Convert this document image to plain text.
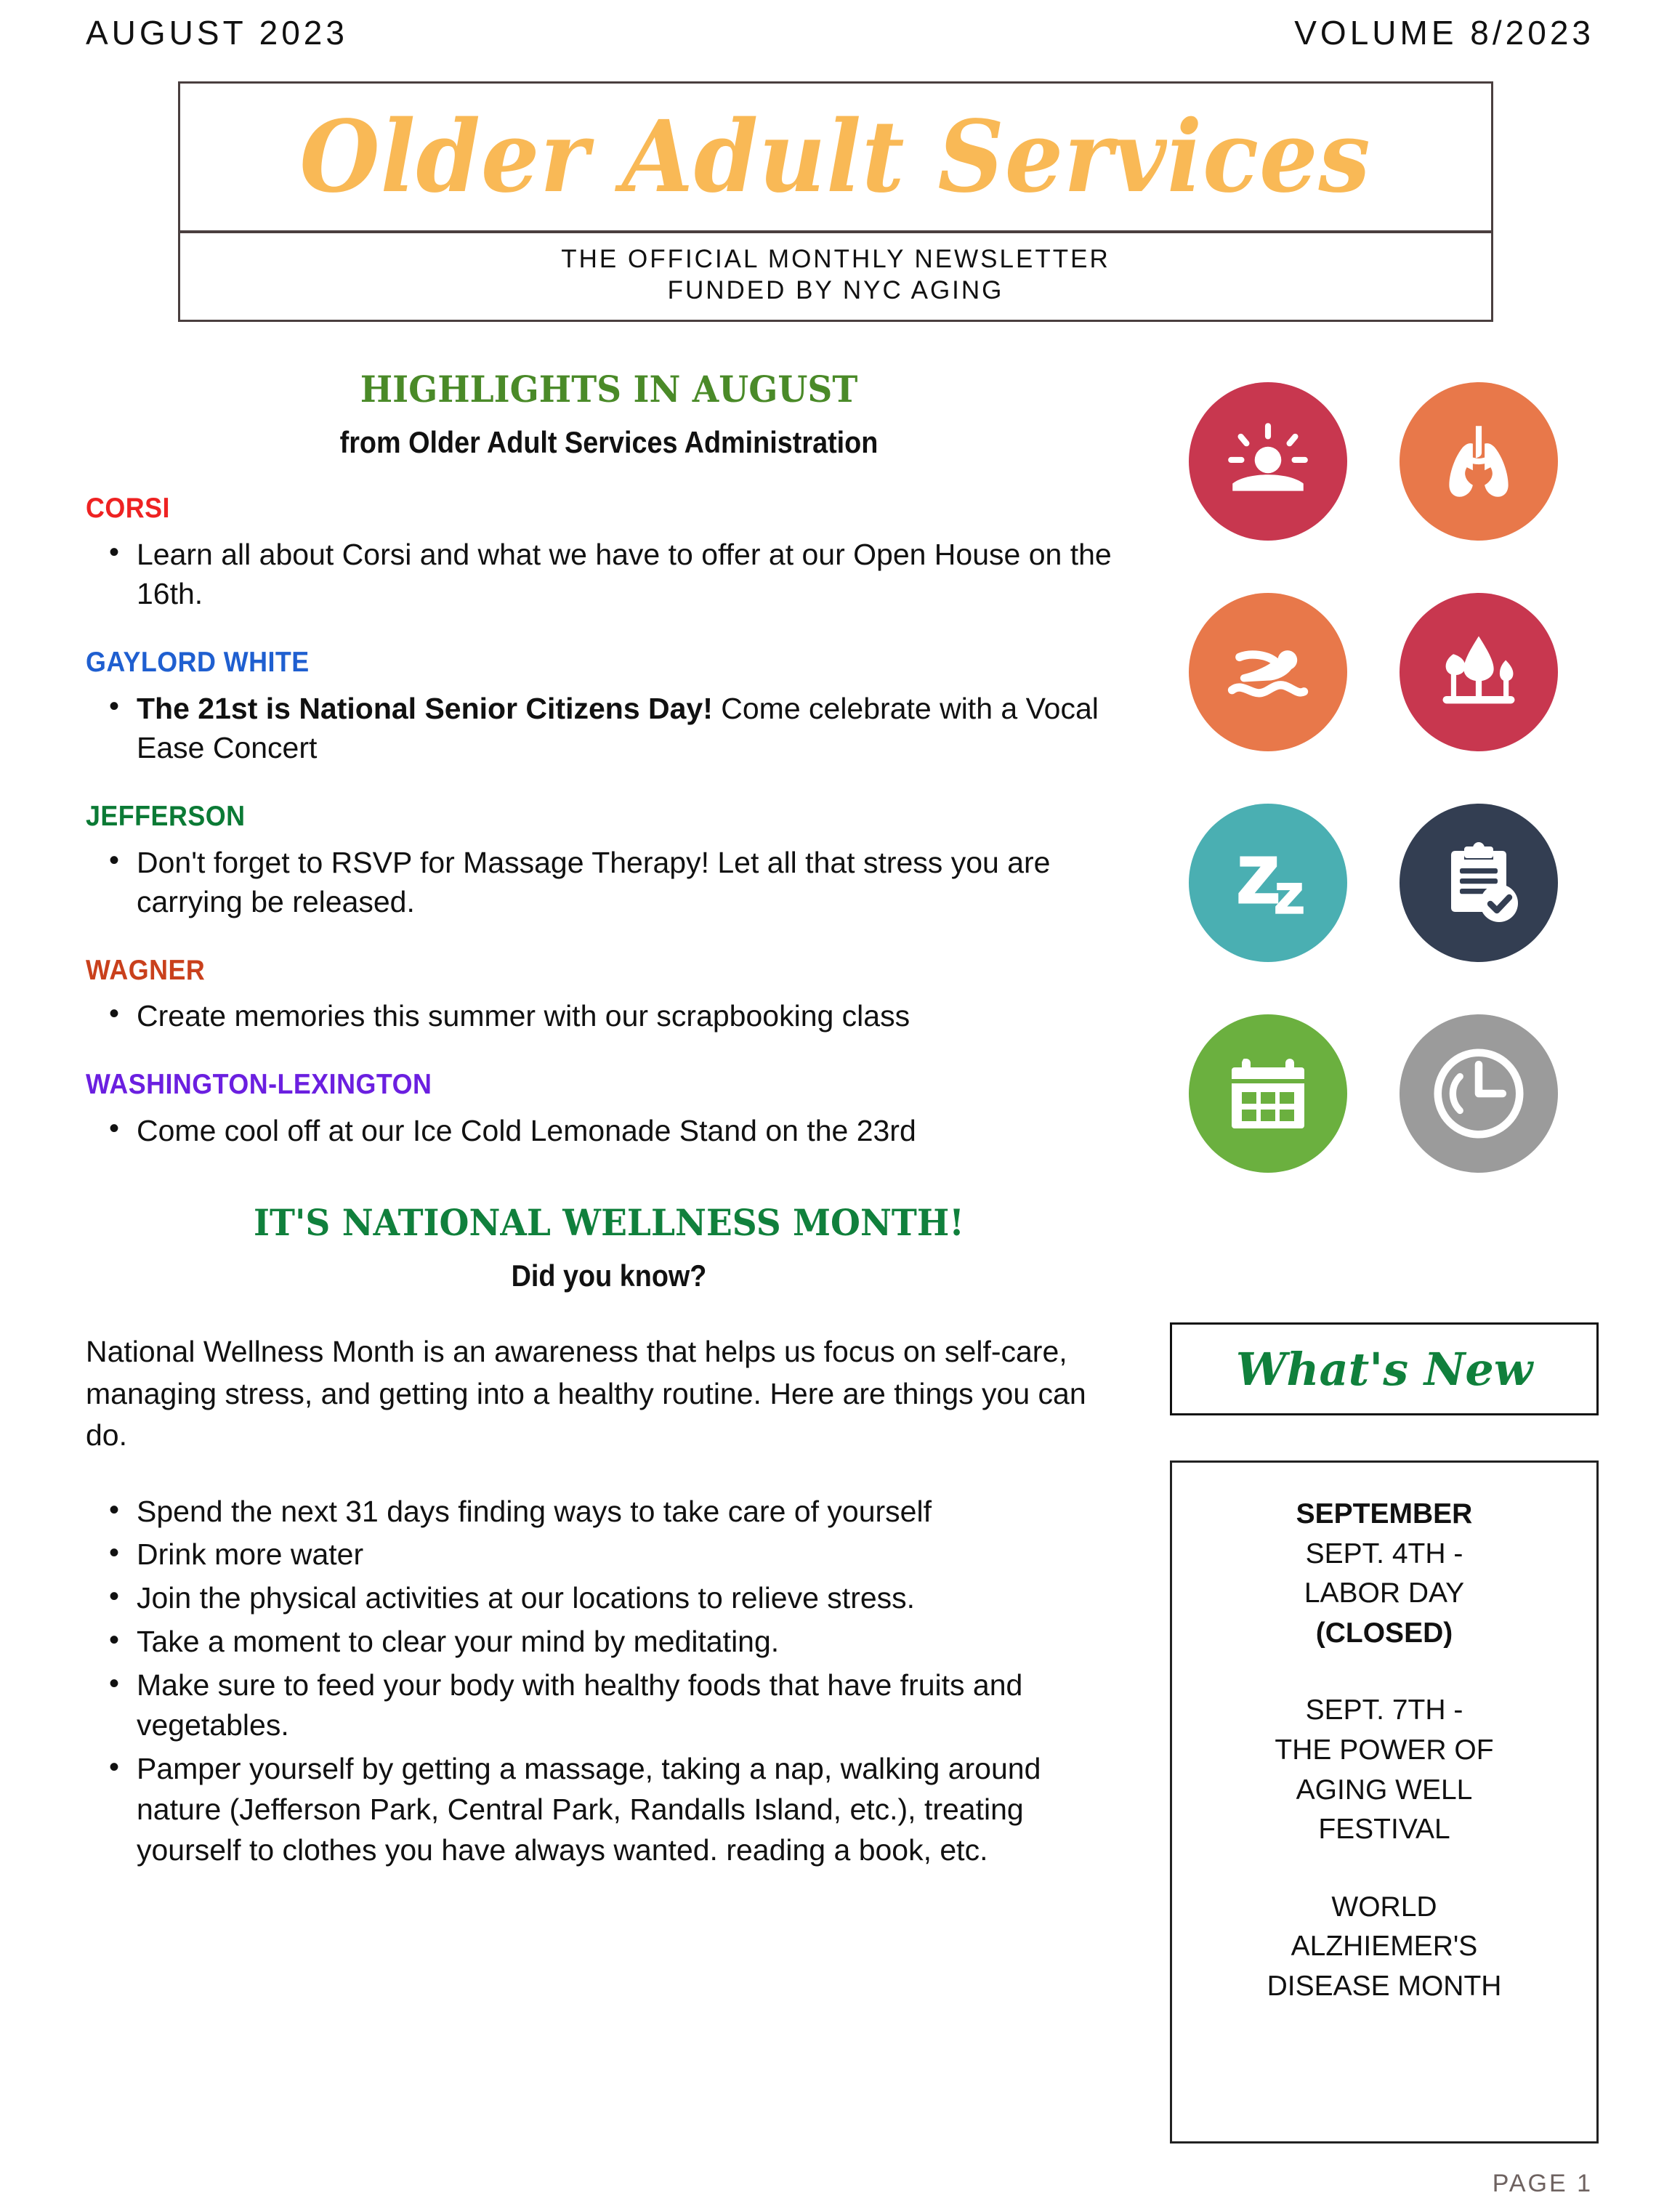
AUGUST 2023	VOLUME 8/2023
Older Adult Services
THE OFFICIAL MONTHLY NEWSLETTER
FUNDED BY NYC AGING
HIGHLIGHTS IN AUGUST
from Older Adult Services Administration
CORSI
• Learn all about Corsi and what we have to offer at our Open House on the 16th.
GAYLORD WHITE
• The 21st is National Senior Citizens Day! Come celebrate with a Vocal Ease Concert
JEFFERSON
• Don't forget to RSVP for Massage Therapy! Let all that stress you are carrying be released.
WAGNER
• Create memories this summer with our scrapbooking class
WASHINGTON-LEXINGTON
• Come cool off at our Ice Cold Lemonade Stand on the 23rd
IT'S NATIONAL WELLNESS MONTH!
Did you know?
National Wellness Month is an awareness that helps us focus on self-care, managing stress, and getting into a healthy routine. Here are things you can do.
• Spend the next 31 days finding ways to take care of yourself
• Drink more water
• Join the physical activities at our locations to relieve stress.
• Take a moment to clear your mind by meditating.
• Make sure to feed your body with healthy foods that have fruits and vegetables.
• Pamper yourself by getting a massage, taking a nap, walking around nature (Jefferson Park, Central Park, Randalls Island, etc.), treating yourself to clothes you have always wanted. reading a book, etc.
What's New
SEPTEMBER
SEPT. 4TH -
LABOR DAY
(CLOSED)
SEPT. 7TH -
THE POWER OF
AGING WELL
FESTIVAL
WORLD
ALZHIEMER'S
DISEASE MONTH
PAGE 1
